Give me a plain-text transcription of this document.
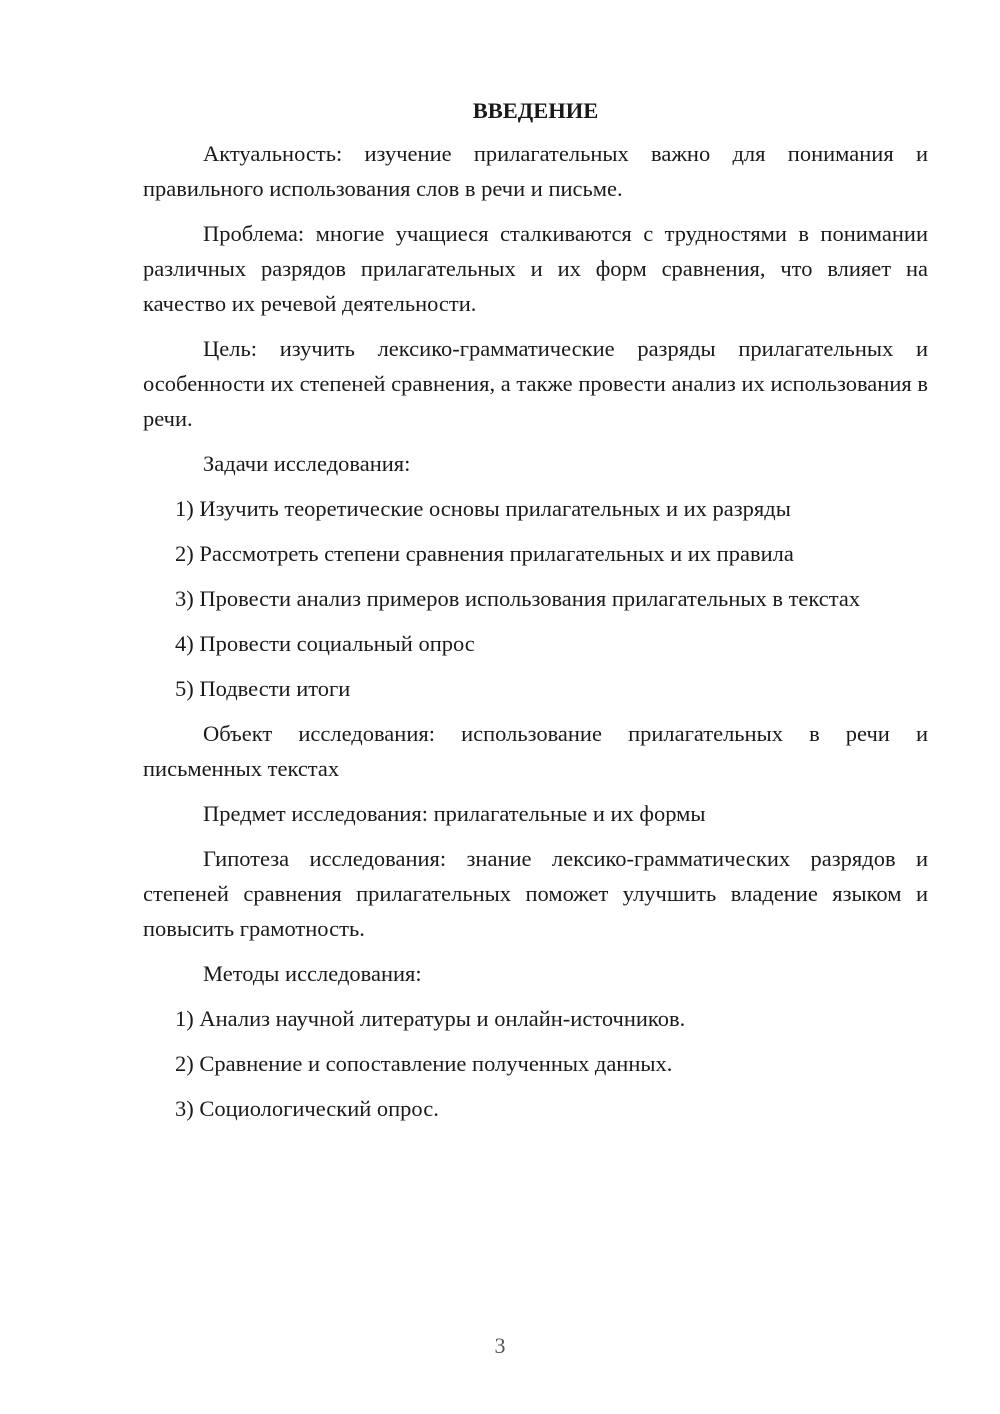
ВВЕДЕНИЕ

Актуальность: изучение прилагательных важно для понимания и правильного использования слов в речи и письме.

Проблема: многие учащиеся сталкиваются с трудностями в понимании различных разрядов прилагательных и их форм сравнения, что влияет на качество их речевой деятельности.

Цель: изучить лексико-грамматические разряды прилагательных и особенности их степеней сравнения, а также провести анализ их использования в речи.

Задачи исследования:

1) Изучить теоретические основы прилагательных и их разряды

2) Рассмотреть степени сравнения прилагательных и их правила

3) Провести анализ примеров использования прилагательных в текстах

4) Провести социальный опрос

5) Подвести итоги

Объект исследования: использование прилагательных в речи и письменных текстах

Предмет исследования: прилагательные и их формы

Гипотеза исследования: знание лексико-грамматических разрядов и степеней сравнения прилагательных поможет улучшить владение языком и повысить грамотность.

Методы исследования:

1) Анализ научной литературы и онлайн-источников.

2) Сравнение и сопоставление полученных данных.

3) Социологический опрос.

3
